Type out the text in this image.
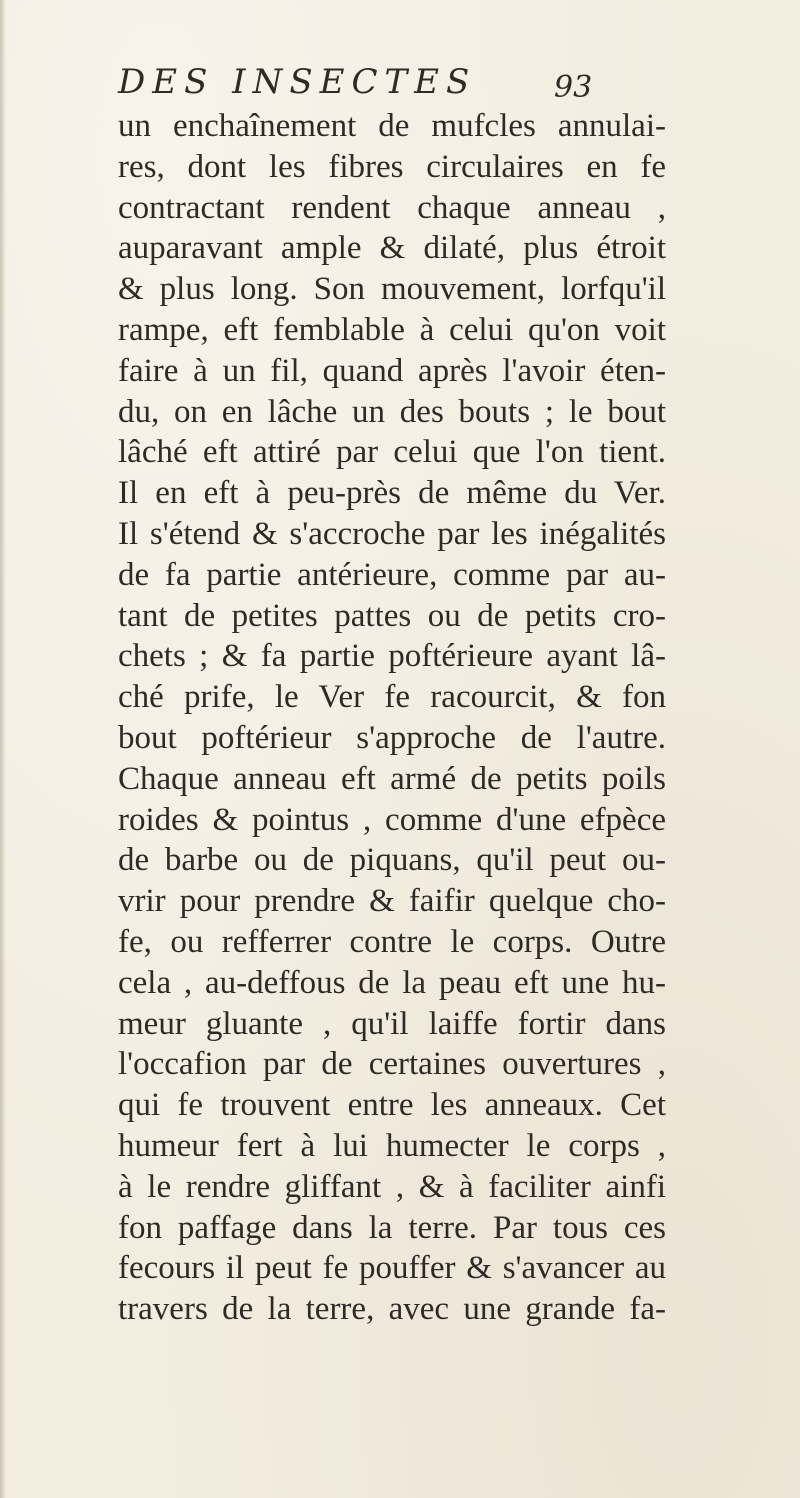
DES INSECTES	93
un enchaînement de mufcles annulai-
res, dont les fibres circulaires en fe
contractant rendent chaque anneau ,
auparavant ample & dilaté, plus étroit
& plus long. Son mouvement, lorfqu'il
rampe, eft femblable à celui qu'on voit
faire à un fil, quand après l'avoir éten-
du, on en lâche un des bouts ; le bout
lâché eft attiré par celui que l'on tient.
Il en eft à peu-près de même du Ver.
Il s'étend & s'accroche par les inégalités
de fa partie antérieure, comme par au-
tant de petites pattes ou de petits cro-
chets ; & fa partie poftérieure ayant lâ-
ché prife, le Ver fe racourcit, & fon
bout poftérieur s'approche de l'autre.
Chaque anneau eft armé de petits poils
roides & pointus , comme d'une efpèce
de barbe ou de piquans, qu'il peut ou-
vrir pour prendre & faifir quelque cho-
fe, ou refferrer contre le corps. Outre
cela , au-deffous de la peau eft une hu-
meur gluante , qu'il laiffe fortir dans
l'occafion par de certaines ouvertures ,
qui fe trouvent entre les anneaux. Cet
humeur fert à lui humecter le corps ,
à le rendre gliffant , & à faciliter ainfi
fon paffage dans la terre. Par tous ces
fecours il peut fe pouffer & s'avancer au
travers de la terre, avec une grande fa-
